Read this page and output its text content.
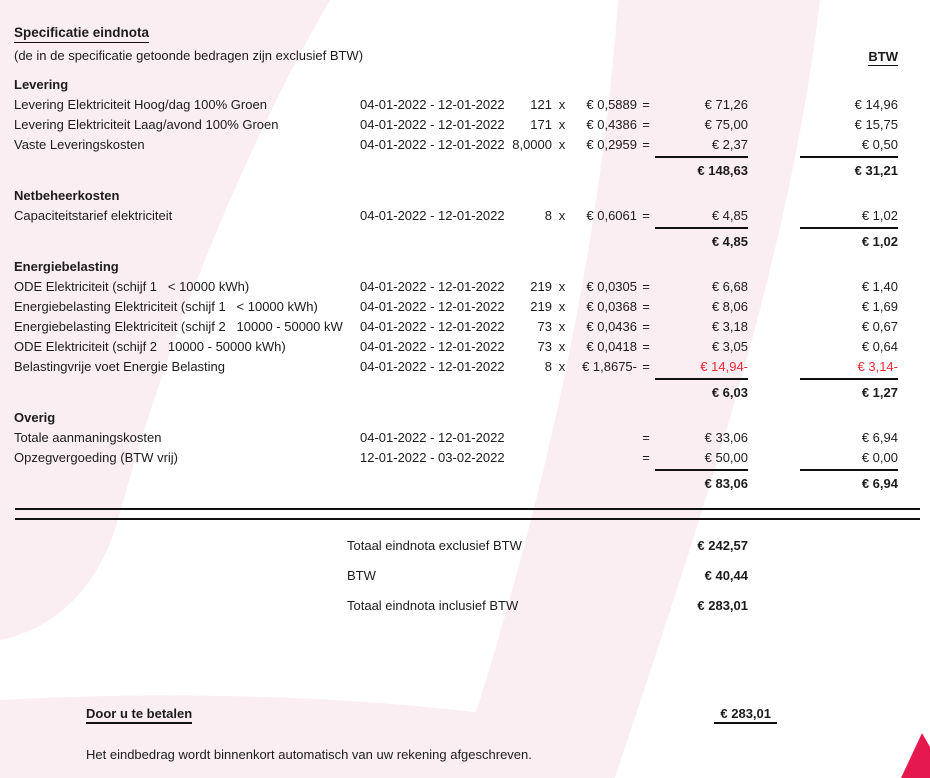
Specificatie eindnota
(de in de specificatie getoonde bedragen zijn exclusief BTW)	BTW
Levering
Levering Elektriciteit Hoog/dag 100% Groen	04-01-2022 - 12-01-2022	121 x	€ 0,5889 =	€ 71,26	€ 14,96
Levering Elektriciteit Laag/avond 100% Groen	04-01-2022 - 12-01-2022	171 x	€ 0,4386 =	€ 75,00	€ 15,75
Vaste Leveringskosten	04-01-2022 - 12-01-2022 8,0000 x	€ 0,2959 =	€ 2,37	€ 0,50
€ 148,63	€ 31,21
Netbeheerkosten
Capaciteitstarief elektriciteit	04-01-2022 - 12-01-2022	8 x	€ 0,6061 =	€ 4,85	€ 1,02
€ 4,85	€ 1,02
Energiebelasting
ODE Elektriciteit (schijf 1   < 10000 kWh)	04-01-2022 - 12-01-2022	219 x	€ 0,0305 =	€ 6,68	€ 1,40
Energiebelasting Elektriciteit (schijf 1   < 10000 kWh)	04-01-2022 - 12-01-2022	219 x	€ 0,0368 =	€ 8,06	€ 1,69
Energiebelasting Elektriciteit (schijf 2   10000 - 50000 kW	04-01-2022 - 12-01-2022	73 x	€ 0,0436 =	€ 3,18	€ 0,67
ODE Elektriciteit (schijf 2   10000 - 50000 kWh)	04-01-2022 - 12-01-2022	73 x	€ 0,0418 =	€ 3,05	€ 0,64
Belastingvrije voet Energie Belasting	04-01-2022 - 12-01-2022	8 x	€ 1,8675- =	€ 14,94-	€ 3,14-
€ 6,03	€ 1,27
Overig
Totale aanmaningskosten	04-01-2022 - 12-01-2022	=	€ 33,06	€ 6,94
Opzegvergoeding (BTW vrij)	12-01-2022 - 03-02-2022	=	€ 50,00	€ 0,00
€ 83,06	€ 6,94
Totaal eindnota exclusief BTW	€ 242,57
BTW	€ 40,44
Totaal eindnota inclusief BTW	€ 283,01
Door u te betalen	€ 283,01
Het eindbedrag wordt binnenkort automatisch van uw rekening afgeschreven.
